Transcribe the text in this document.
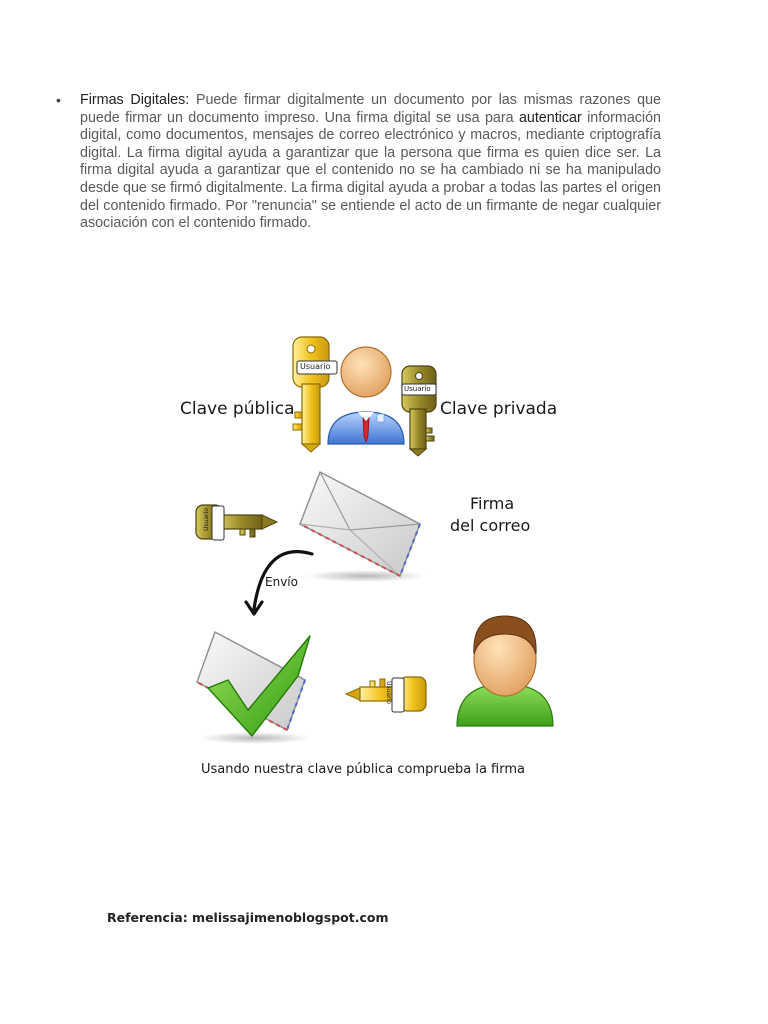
• Firmas Digitales: Puede firmar digitalmente un documento por las mismas razones que puede firmar un documento impreso. Una firma digital se usa para autenticar información digital, como documentos, mensajes de correo electrónico y macros, mediante criptografía digital. La firma digital ayuda a garantizar que la persona que firma es quien dice ser. La firma digital ayuda a garantizar que el contenido no se ha cambiado ni se ha manipulado desde que se firmó digitalmente. La firma digital ayuda a probar a todas las partes el origen del contenido firmado. Por "renuncia" se entiende el acto de un firmante de negar cualquier asociación con el contenido firmado.
Clave pública	Clave privada
Usuario
Usuario
Usuario
Usuario
Firma
del correo
Envío
Usando nuestra clave pública comprueba la firma
Referencia: melissajimenoblogspot.com
